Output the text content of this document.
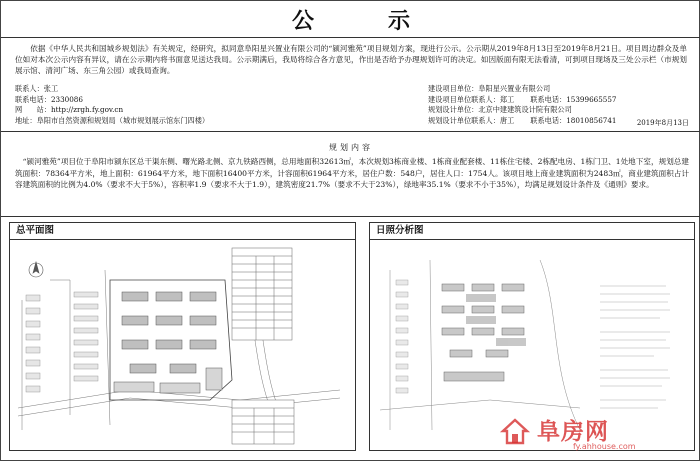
公　示
依据《中华人民共和国城乡规划法》有关规定，经研究，拟同意阜阳星兴置业有限公司的“颍河雅苑”项目规划方案，现进行公示。公示期从2019年8月13日至2019年8月21日。项目周边群众及单位如对本次公示内容有异议，请在公示期内将书面意见送达我局。公示期满后，我局将综合各方意见，作出是否给予办理规划许可的决定。如因版面有限无法看清，可到项目现场及三处公示栏（市规划展示馆、清河广场、东三角公园）或我局查询。
联系人：张工
联系电话：2330086
网　　站：http://zrgh.fy.gov.cn
地址：阜阳市自然资源和规划局（城市规划展示馆东门四楼）
建设项目单位：阜阳星兴置业有限公司
建设项目单位联系人：郑工 联系电话：15399665557
规划设计单位：北京中建建筑设计院有限公司
规划设计单位联系人：唐工 联系电话：18010856741	2019年8月13日
规划内容
“颍河雅苑”项目位于阜阳市颍东区总干渠东侧、曙光路北侧、京九铁路西侧，总用地面积32613㎡，本次规划3栋商业楼、1栋商业配套楼、11栋住宅楼、2栋配电房、1栋门卫、1处地下室，规划总建筑面积：78364平方米，地上面积：61964平方米，地下面积16400平方米，计容面积61964平方米，居住户数：548户，居住人口：1754人。该项目地上商业建筑面积为2483㎡，商业建筑面积占计容建筑面积的比例为4.0%（要求不大于5%），容积率1.9（要求不大于1.9），建筑密度21.7%（要求不大于23%），绿地率35.1%（要求不小于35%），均满足规划设计条件及《通则》要求。
总平面图	日照分析图
阜房网
fy.ahhouse.com
